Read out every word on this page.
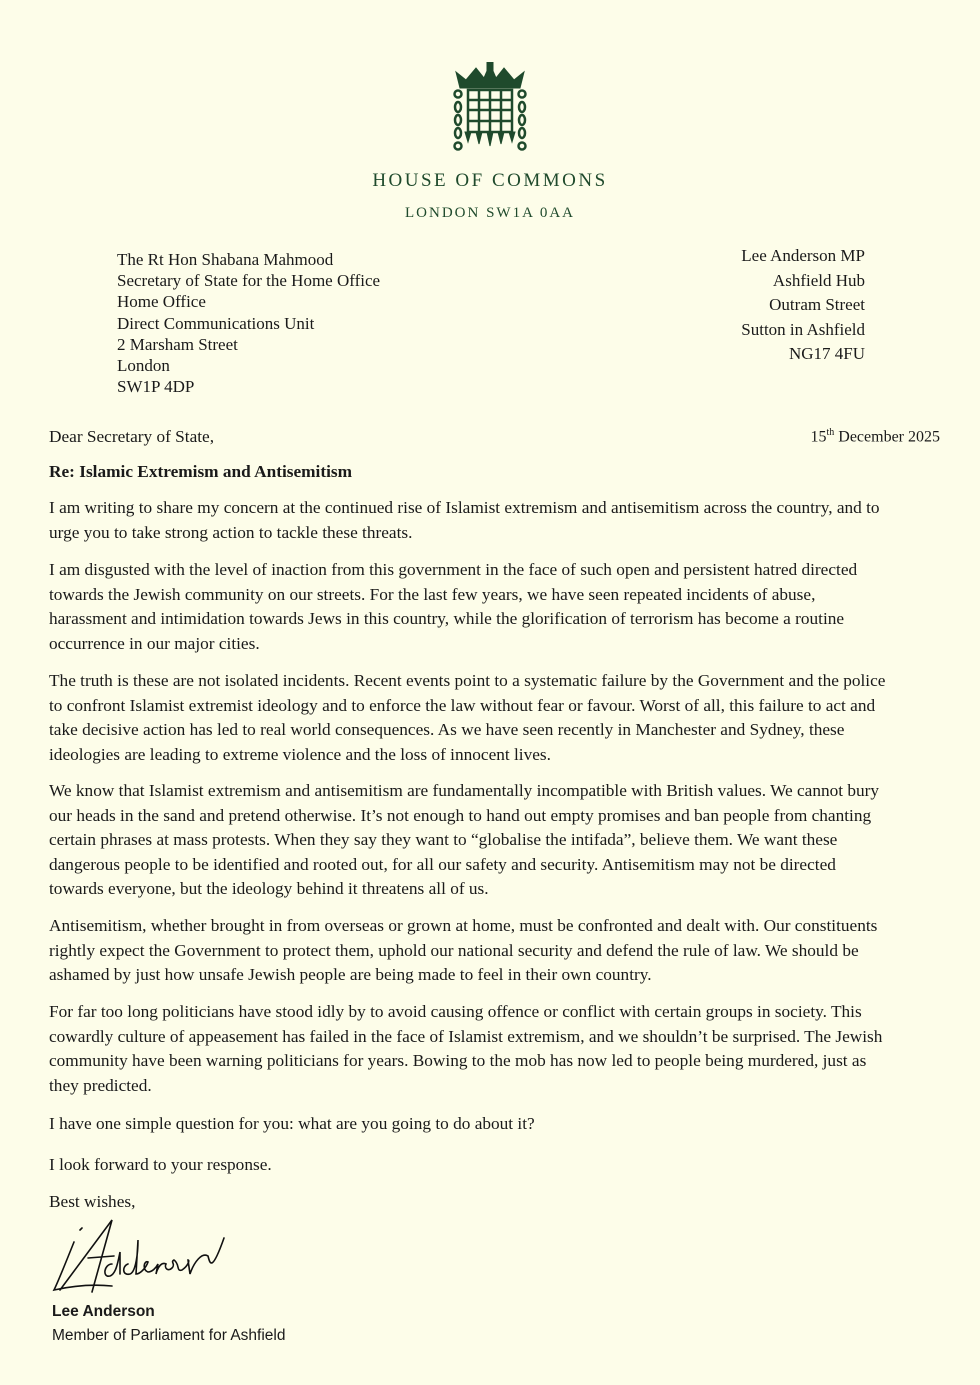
HOUSE OF COMMONS
LONDON SW1A 0AA
The Rt Hon Shabana Mahmood
Secretary of State for the Home Office
Home Office
Direct Communications Unit
2 Marsham Street
London
SW1P 4DP
Lee Anderson MP
Ashfield Hub
Outram Street
Sutton in Ashfield
NG17 4FU
15th December 2025
Dear Secretary of State,
Re: Islamic Extremism and Antisemitism
I am writing to share my concern at the continued rise of Islamist extremism and antisemitism across the country, and to
urge you to take strong action to tackle these threats.
I am disgusted with the level of inaction from this government in the face of such open and persistent hatred directed
towards the Jewish community on our streets. For the last few years, we have seen repeated incidents of abuse,
harassment and intimidation towards Jews in this country, while the glorification of terrorism has become a routine
occurrence in our major cities.
The truth is these are not isolated incidents. Recent events point to a systematic failure by the Government and the police
to confront Islamist extremist ideology and to enforce the law without fear or favour. Worst of all, this failure to act and
take decisive action has led to real world consequences. As we have seen recently in Manchester and Sydney, these
ideologies are leading to extreme violence and the loss of innocent lives.
We know that Islamist extremism and antisemitism are fundamentally incompatible with British values. We cannot bury
our heads in the sand and pretend otherwise. It’s not enough to hand out empty promises and ban people from chanting
certain phrases at mass protests. When they say they want to “globalise the intifada”, believe them. We want these
dangerous people to be identified and rooted out, for all our safety and security. Antisemitism may not be directed
towards everyone, but the ideology behind it threatens all of us.
Antisemitism, whether brought in from overseas or grown at home, must be confronted and dealt with. Our constituents
rightly expect the Government to protect them, uphold our national security and defend the rule of law. We should be
ashamed by just how unsafe Jewish people are being made to feel in their own country.
For far too long politicians have stood idly by to avoid causing offence or conflict with certain groups in society. This
cowardly culture of appeasement has failed in the face of Islamist extremism, and we shouldn’t be surprised. The Jewish
community have been warning politicians for years. Bowing to the mob has now led to people being murdered, just as
they predicted.
I have one simple question for you: what are you going to do about it?
I look forward to your response.
Best wishes,
Lee Anderson
Member of Parliament for Ashfield
